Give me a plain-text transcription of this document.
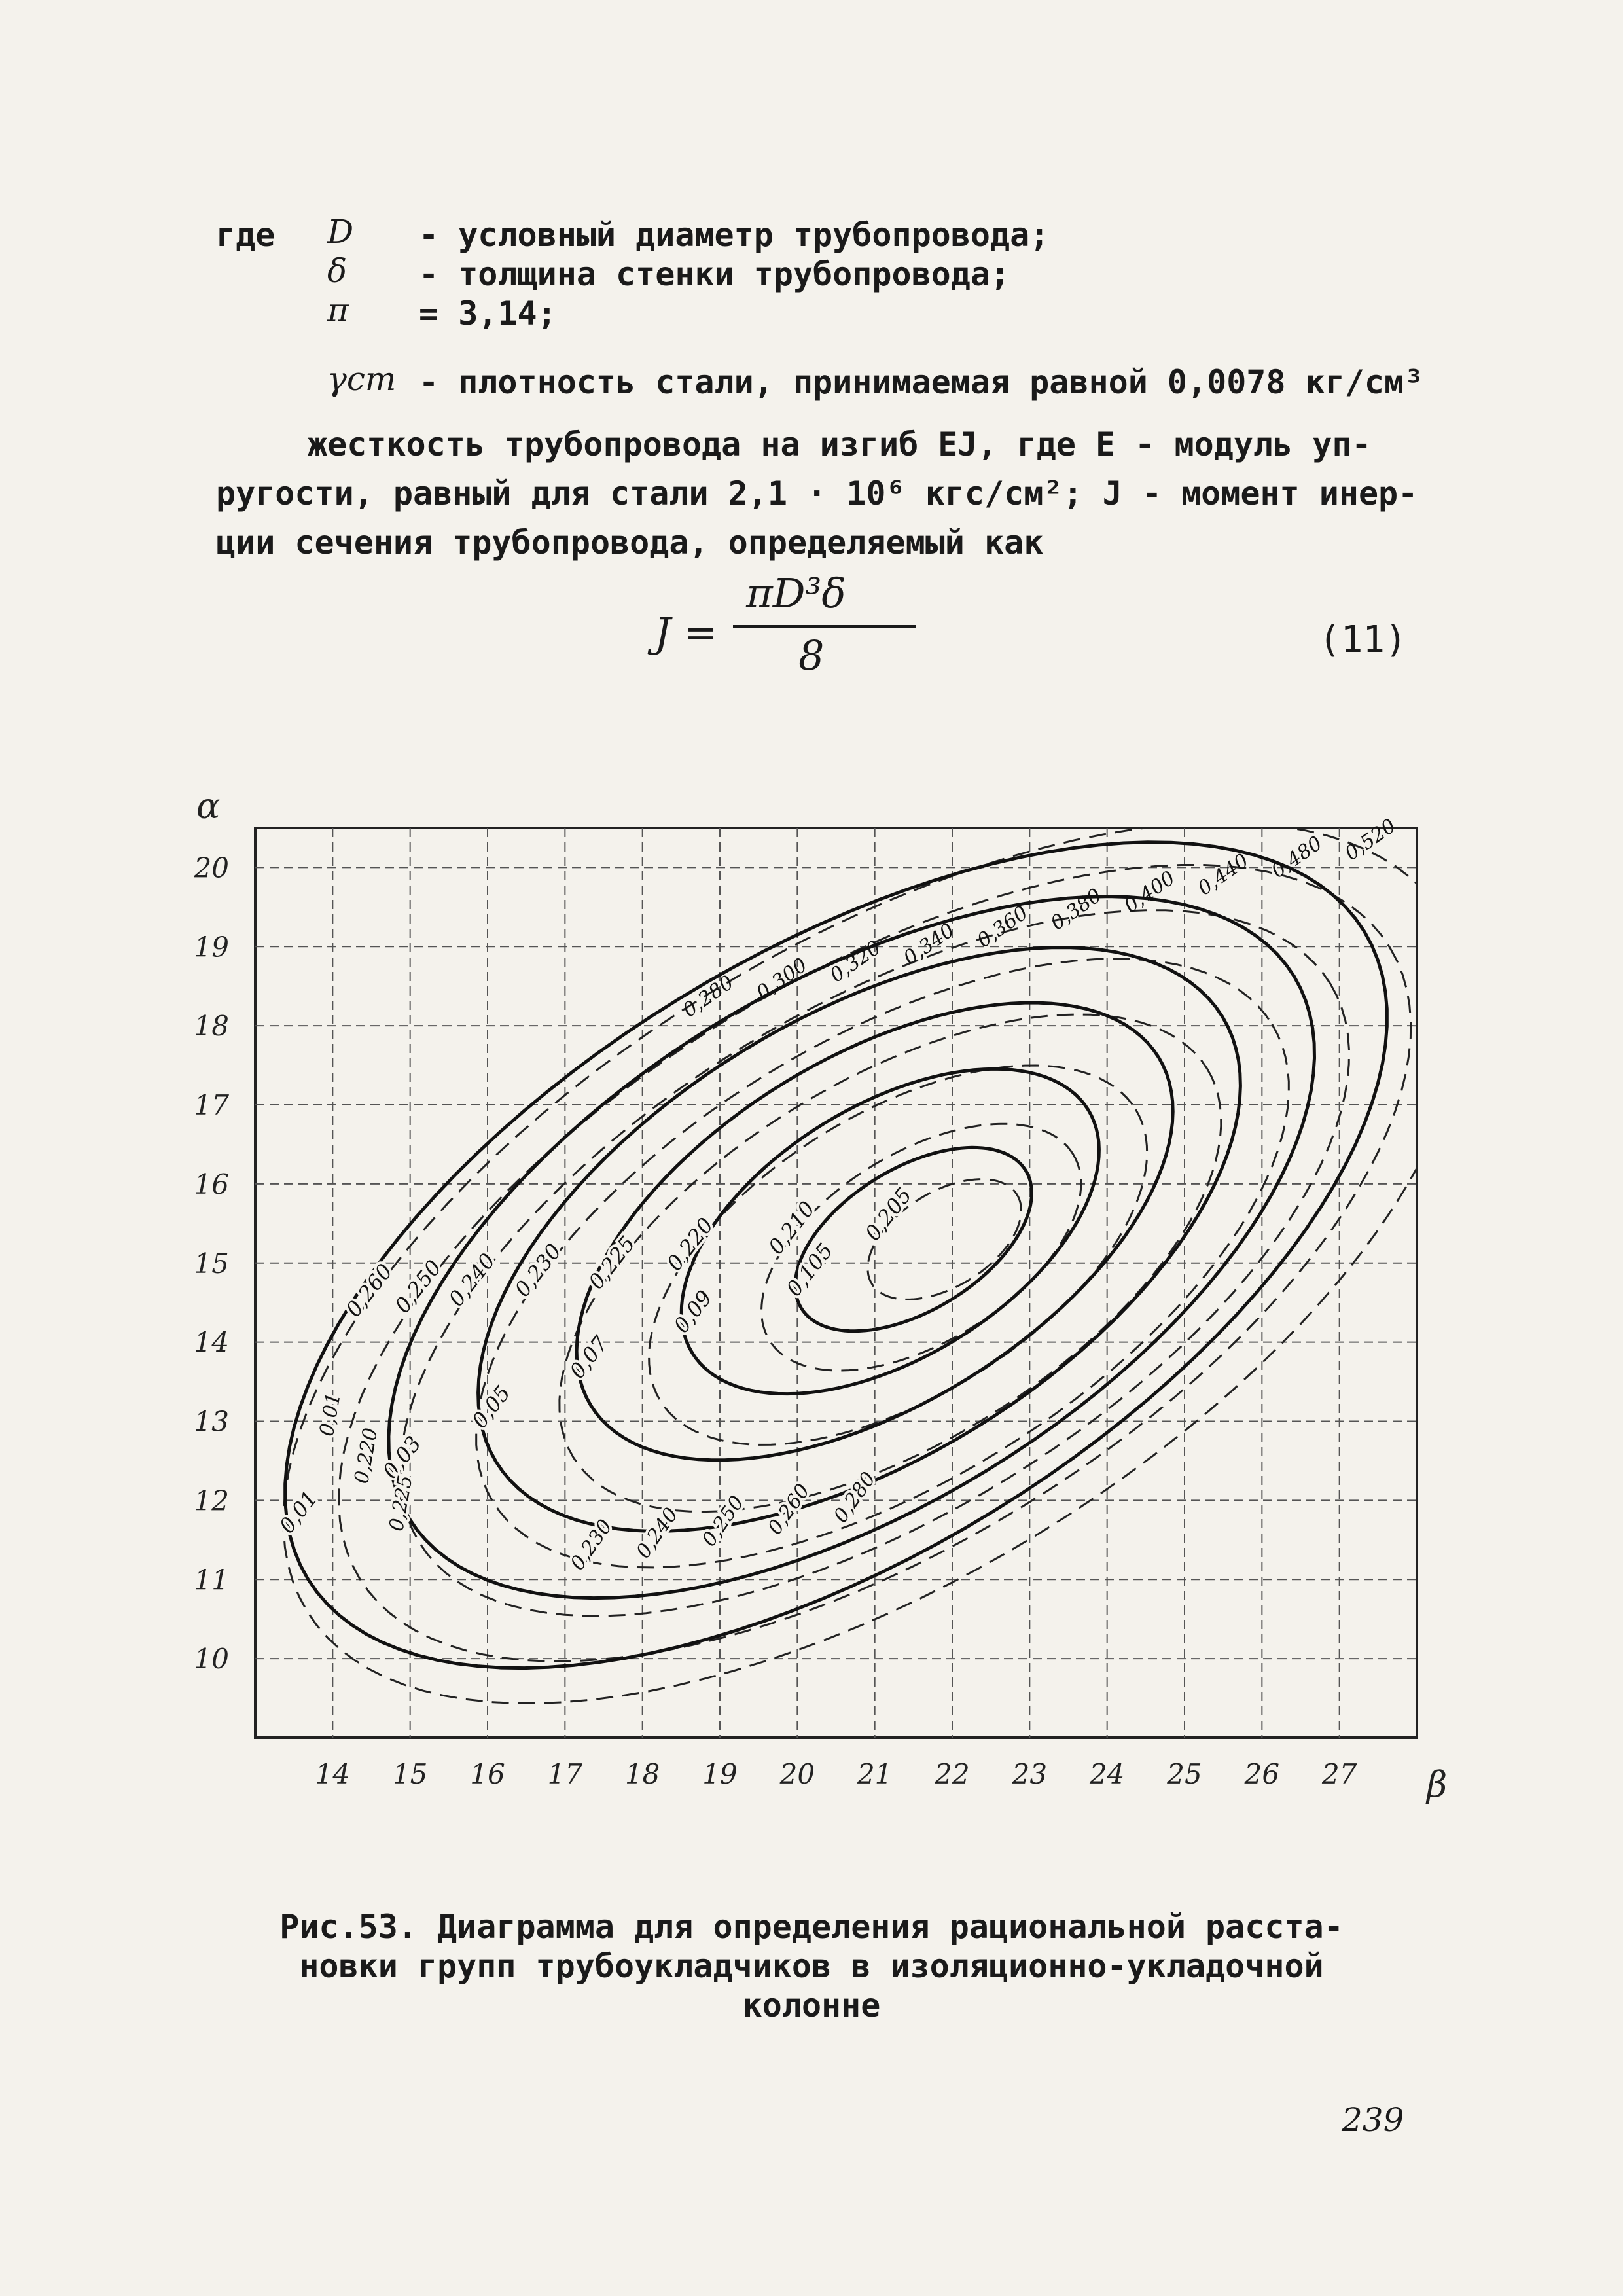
где D - условный диаметр трубопровода;
δ - толщина стенки трубопровода;
π = 3,14;
γст - плотность стали, принимаемая равной 0,0078 кг/см³
жесткость трубопровода на изгиб EJ, где E - модуль уп-
ругости, равный для стали 2,1 · 10⁶ кгс/см²; J - момент инер-
ции сечения трубопровода, определяемый как
J =
πD³δ
8	(11)
14 15 16 17 18 19 20 21 22 23 24 25 26 27
10
11
12
13
14
15
16
17
18
19
20
β
α
0,105
0,09
0,07
0,05
0,03
0,01
0,205
0,210
0,220
0,225
0,230
0,240
0,250
0,260
0,280 0,300 0,320 0,340 0,360 0,380 0,400 0,440 0,480 0,520
0,230 0,240 0,250 0,260 0,280
0,01
0,220
0,225
Рис.53. Диаграмма для определения рациональной расста-
новки групп трубоукладчиков в изоляционно-укладочной
колонне
239
